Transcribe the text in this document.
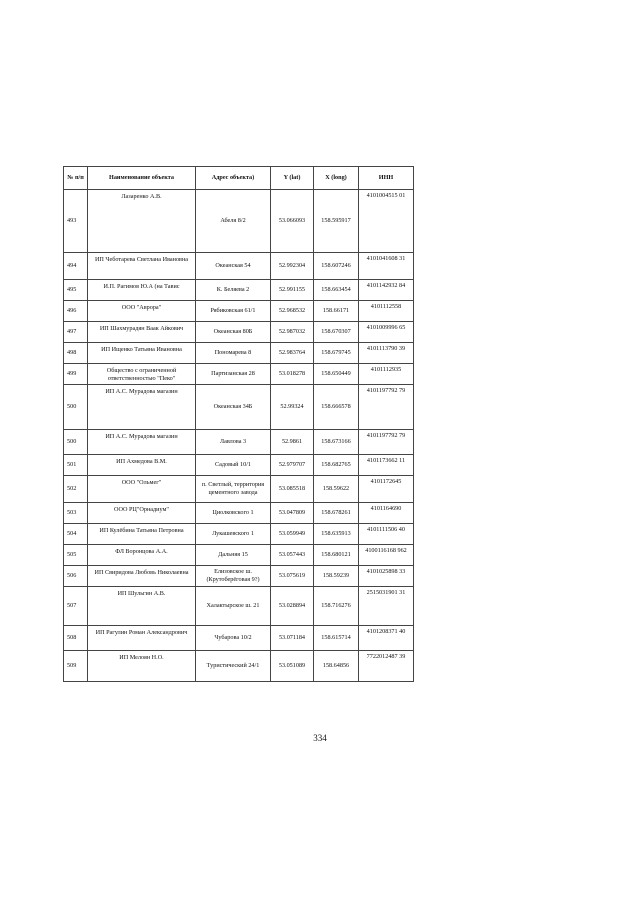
№ п/п	Наименование объекта	Адрес объекта)	Y (lat)	X (long)	ИНН
493	Лазаренко А.В.	Абеля 8/2	53.066093	158.595917	4101004515 01
494	ИП Чеботарева Светлана Ивановна	Океанская 54	52.992304	158.607246	4101041608 31
495	И.П. Рагимов Ю.А (на Тавис	К. Беляева 2	52.991155	158.663454	4101142932 84
496	ООО "Аврора"	Рябиковская 61/1	52.968532	158.66171	4101112558
497	ИП Шахмурадян Ваак Айкович	Океанская 80Б	52.987032	158.670307	4101009996 65
498	ИП Ищенко Татьяна Ивановна	Пономарева 8	52.983764	158.679745	4101113790 39
499	Общество с ограниченной ответственностью "Пеко"	Партизанская 28	53.018278	158.650449	4101112935
500	ИП А.С. Мурадова магазин	Океанская 34Б	52.99324	158.666578	4101197792 79
500	ИП А.С. Мурадова магазин	Лавлова 3	52.9861	158.673166	4101197792 79
501	ИП Ахмедова В.М.	Садовый 10/1	52.979707	158.682765	4101173662 11
502	ООО "Ольмег"	п. Светлый, территория цементного завода	53.085518	158.59622	4101172645
503	ООО РЦ"Орнадиум"	Циолковского 1	53.047809	158.678261	4101164690
504	ИП Кулёбина Татьяна Петровна	Лукашевского 1	53.059949	158.635913	4101111506 40
505	ФЛ Воронцова А.А.	Дальняя 15	53.057443	158.680121	4100116168 962
506	ИП Свиридова Любовь Николаевна	Елизовское ш. (Крутоберёговая 9?)	53.075619	158.59239	4101025898 33
507	ИП Шульгин А.В.	Халактырское ш. 21	53.028894	158.716276	2515031901 31
508	ИП Рагулин Роман Александрович	Чубарова 10/2	53.071184	158.615714	4101208371 40
509	ИП Мелоян Н.О.	Туристический 24/1	53.051089	158.64856	7722012487 39
334
